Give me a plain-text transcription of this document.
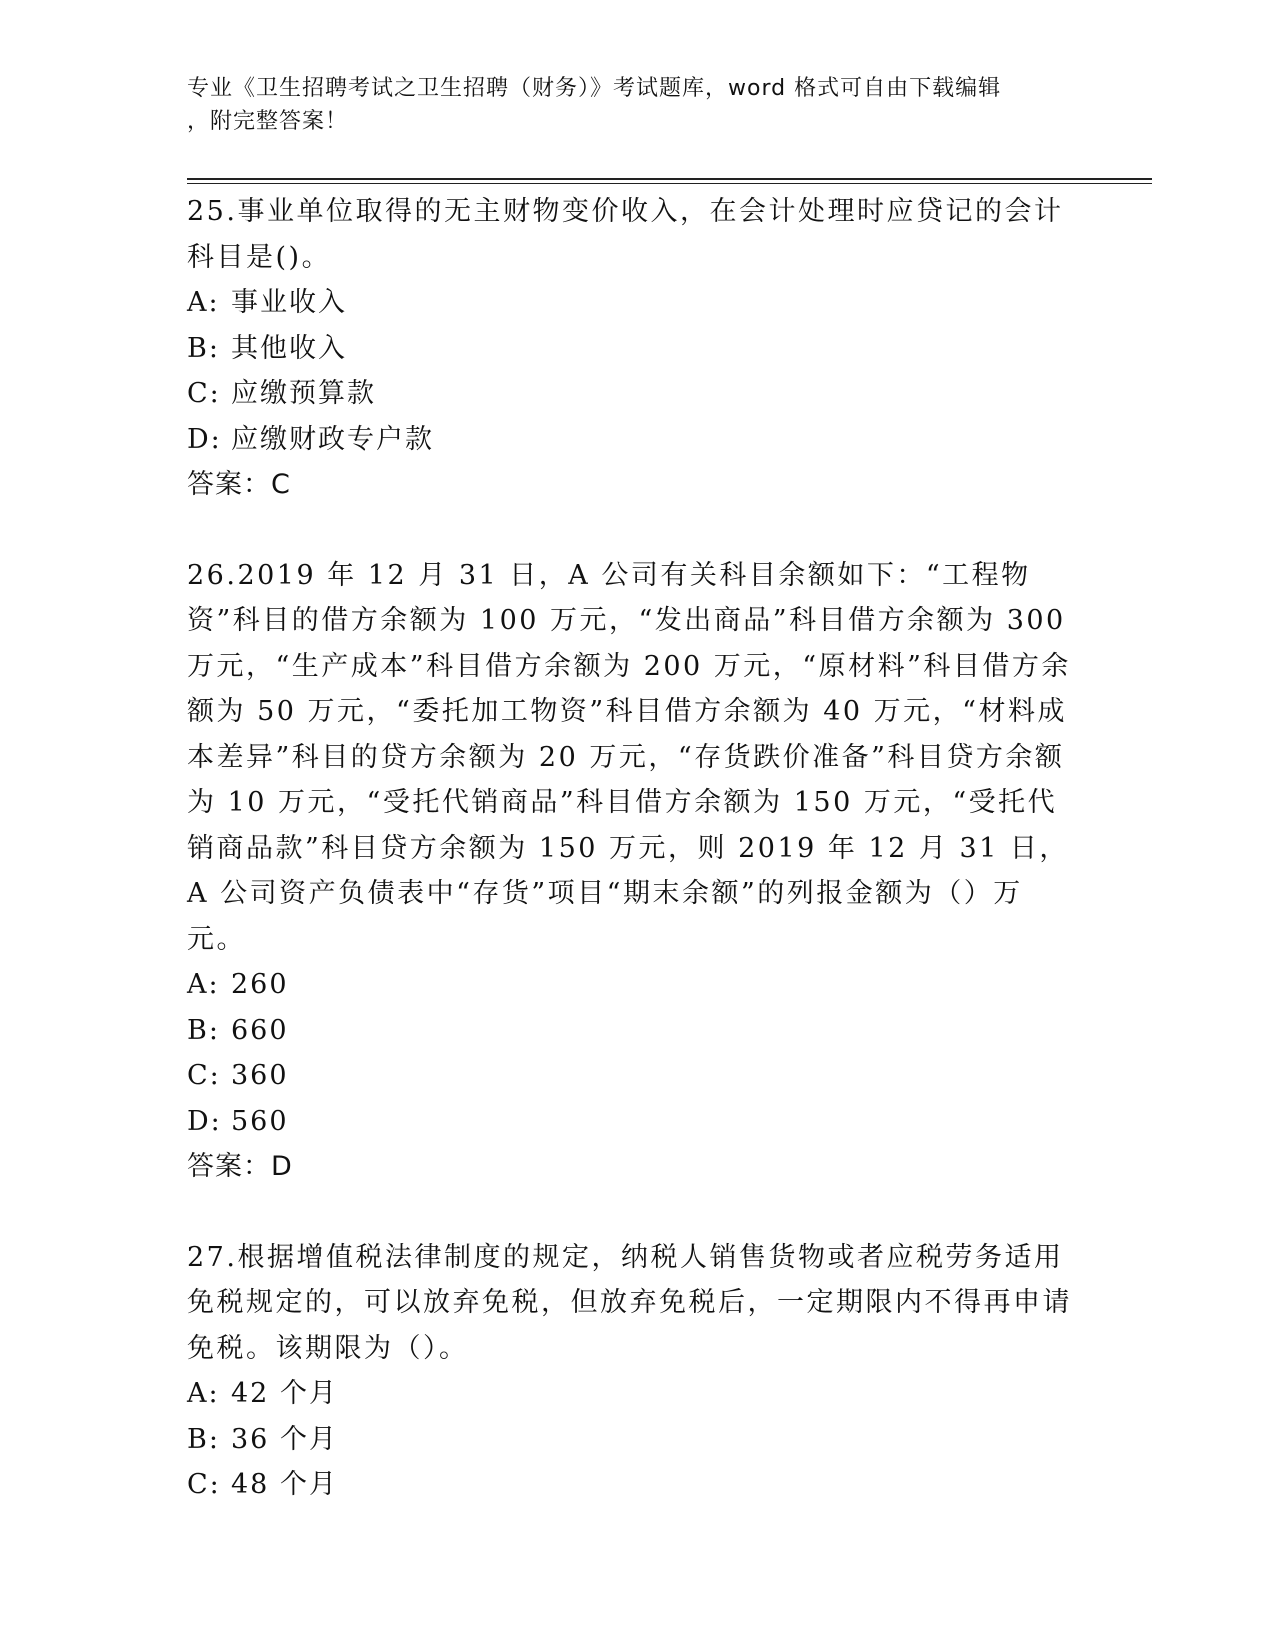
专业《卫生招聘考试之卫生招聘（财务）》考试题库，word 格式可自由下载编辑
，附完整答案！

25.事业单位取得的无主财物变价收入，在会计处理时应贷记的会计科目是()。

A: 事业收入

B: 其他收入

C: 应缴预算款

D: 应缴财政专户款

答案：C

26.2019 年 12 月 31 日，A 公司有关科目余额如下：“工程物资”科目的借方余额为 100 万元，“发出商品”科目借方余额为 300 万元，“生产成本”科目借方余额为 200 万元，“原材料”科目借方余额为 50 万元，“委托加工物资”科目借方余额为 40 万元，“材料成本差异”科目的贷方余额为 20 万元，“存货跌价准备”科目贷方余额为 10 万元，“受托代销商品”科目借方余额为 150 万元，“受托代销商品款”科目贷方余额为 150 万元，则 2019 年 12 月 31 日，A 公司资产负债表中“存货”项目“期末余额”的列报金额为（）万元。

A: 260

B: 660

C: 360

D: 560

答案：D

27.根据增值税法律制度的规定，纳税人销售货物或者应税劳务适用免税规定的，可以放弃免税，但放弃免税后，一定期限内不得再申请免税。该期限为（）。

A: 42 个月

B: 36 个月

C: 48 个月
